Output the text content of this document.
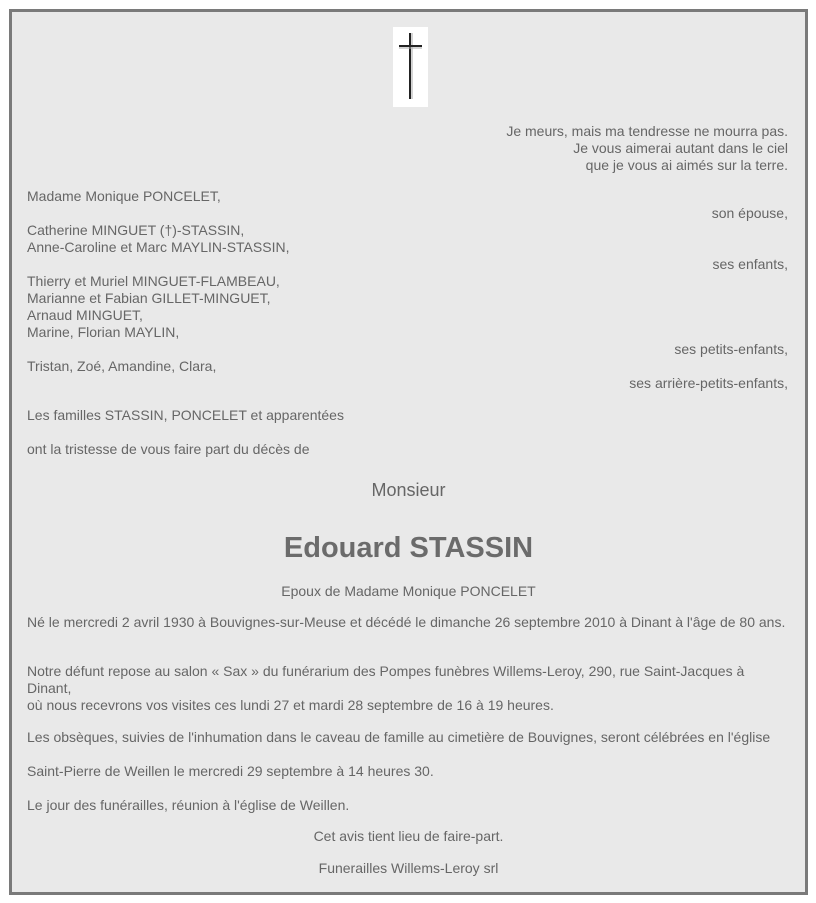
Je meurs, mais ma tendresse ne mourra pas.
Je vous aimerai autant dans le ciel
que je vous ai aimés sur la terre.
Madame Monique PONCELET,
son épouse,
Catherine MINGUET (†)-STASSIN,
Anne-Caroline et Marc MAYLIN-STASSIN,
ses enfants,
Thierry et Muriel MINGUET-FLAMBEAU,
Marianne et Fabian GILLET-MINGUET,
Arnaud MINGUET,
Marine, Florian MAYLIN,
ses petits-enfants,
Tristan, Zoé, Amandine, Clara,
ses arrière-petits-enfants,
Les familles STASSIN, PONCELET et apparentées
ont la tristesse de vous faire part du décès de
Monsieur
Edouard STASSIN
Epoux de Madame Monique PONCELET
Né le mercredi 2 avril 1930 à Bouvignes-sur-Meuse et décédé le dimanche 26 septembre 2010 à Dinant à l'âge de 80 ans.
Notre défunt repose au salon « Sax » du funérarium des Pompes funèbres Willems-Leroy, 290, rue Saint-Jacques à Dinant,
où nous recevrons vos visites ces lundi 27 et mardi 28 septembre de 16 à 19 heures.
Les obsèques, suivies de l'inhumation dans le caveau de famille au cimetière de Bouvignes, seront célébrées en l'église
Saint-Pierre de Weillen le mercredi 29 septembre à 14 heures 30.
Le jour des funérailles, réunion à l'église de Weillen.
Cet avis tient lieu de faire-part.
Funerailles Willems-Leroy srl
